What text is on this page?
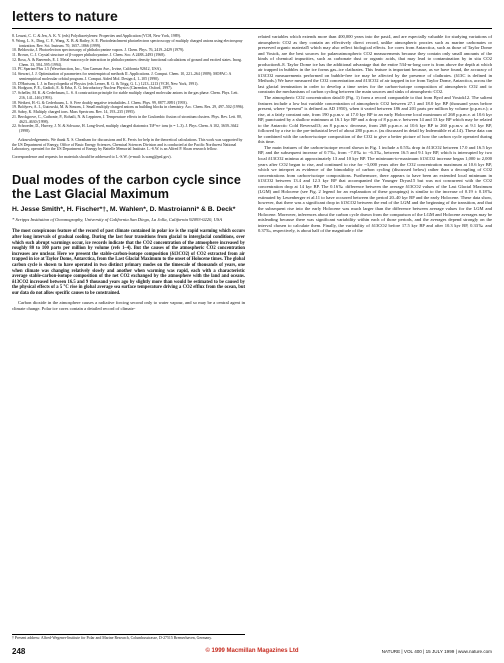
letters to nature
8. Leuzzi, C. C. & Jen, A. K. Y. (eds) Polydiacetylenes: Properties and Application (VCH, New York, 1989).
9. Wong, L. S., Ding, C. F., Wang, X. B. & Bailey, S. E. Photodetachment photoelectron spectroscopy of multiply charged anions using electrospray ionization. Rev. Sci. Instrum. 70, 1657–1866 (1999).
10. Beldowitz, J. Photoelectron spectroscopy of phthalocyanine vapors. J. Chem. Phys. 76, 2419–2429 (1979).
11. Brown, C. J. Crystal structure of β-copper phthalocyanine. J. Chem. Soc. A 2488–2493 (1968).
12. Rosa, A. & Baerends, E. J. Metal-macrocycle interaction in phthalocyanines: density functional calculations of ground and excited states. Inorg. Chem. 33, 584–595 (1994).
13. PC Spartan Plus 1.5 (Wavefunction, Inc., Van Carman Ave., Irvine, California 92612, USA).
14. Stewart, J. J. Optimization of parameters for semiempirical methods II. Applications. J. Comput. Chem. 10, 221–264 (1989); MOPAC: A semiempirical molecular orbital program. J. Comput. Aided Mol. Design 4, 1–105 (1990).
15. D'Hartsons, I. J. in Encyclopedia of Physics (eds Lerner, R. G. & Trigg, G. L.) 1213–1213 (VCH, New York, 1991).
16. Hodgson, P. E., Gadioli, E. & Erba, E. G. Introductory Nuclear Physics (Clarendon, Oxford, 1997).
17. Scheller, M. K. & Cederbaum, L. S. A construction principle for stable multiply charged molecular anions in the gas phase. Chem. Phys. Lett. 216, 141–146 (1993).
18. Weikert, H.-G. & Cederbaum, L. S. Free doubly negative tetrahalides. J. Chem. Phys. 99, 8877–8891 (1993).
19. Boldyrev, A. I., Gutowski, M. & Simons, J. Small multiply charged anions as building blocks in chemistry. Acc. Chem. Res. 29, 497–502 (1996).
20. Sabry, K. Multiply charged ions. Mass Spectrom. Rev. 14, 193–235 (1995).
21. Berckgrove, C., Cathonie, P., Rohaili, N. & Leppinen, J. Temperature effects in the Coulombic fission of strontium clusters. Phys. Rev. Lett. 80, 4623–4630 (1998).
22. Schroeder, D., Harvey, J. N. & Schwarz, H. Long-lived, multiply charged diatomics TiF^n+ ions (n = 1–3). J. Phys. Chem. A 102, 3639–3642 (1998).
Acknowledgements. We thank X. S. Cheatham for discussions and K. Ferris for help in the theoretical calculations. This work was supported by the US Department of Energy, Office of Basic Energy Sciences, Chemical Sciences Division and is conducted at the Pacific Northwest National Laboratory, operated for the US Department of Energy by Battelle Memorial Institute. L.-S.W. is an Alfred P. Sloan research fellow.
Correspondence and requests for materials should be addressed to L.-S.W. (e-mail: ls.wang@pnl.gov).
Dual modes of the carbon cycle since the Last Glacial Maximum
H. Jesse Smith*, H. Fischer*†, M. Wahlen*, D. Mastroianni* & B. Deck*
* Scripps Institution of Oceanography, University of California San Diego, La Jolla, California 92093-0220, USA
The most conspicuous feature of the record of past climate contained in polar ice is the rapid warming which occurs after long intervals of gradual cooling. During the last four transitions from glacial to interglacial conditions, over which such abrupt warmings occur, ice records indicate that the CO2 concentration of the atmosphere increased by roughly 80 to 100 parts per million by volume (refs 1–4). But the causes of the atmospheric CO2 concentration increases are unclear. Here we present the stable-carbon-isotope composition (δ13CO2) of CO2 extracted from air trapped in ice at Taylor Dome, Antarctica, from the Last Glacial Maximum to the onset of Holocene times. The global carbon cycle is shown to have operated in two distinct primary modes on the timescale of thousands of years, one when climate was changing relatively slowly and another when warming was rapid, each with a characteristic average stable-carbon-isotope composition of the net CO2 exchanged by the atmosphere with the land and oceans. δ13CO2 increased between 16.5 and 9 thousand years ago by slightly more than would be estimated to be caused by the physical effects of a 5 °C rise in global average sea surface temperature driving a CO2 efflux from the ocean, but our data do not allow specific causes to be constrained.
Carbon dioxide in the atmosphere causes a radiative forcing second only to water vapour, and so may be a central agent in climate change. Polar ice cores contain a detailed record of climate-
† Present address: Alfred-Wegener-Institute for Polar and Marine Research, Columbusstrasse, D-27515 Bremerhaven, Germany.

related variables which extends more than 400,000 years into the past4, and are especially valuable for studying variations of atmospheric CO2 as they contain an effectively direct record, unlike atmospheric proxies such as marine carbonates or preserved organic material5 which may also reflect biological effects. Ice cores from Antarctica, such as those of Taylor Dome and Vostok, are the best sources for palaeoatmospheric CO2 measurements because they contain only small amounts of the kinds of chemical impurities, such as carbonate dust or organic acids, that may lead to contamination by in situ CO2 production6–8. Taylor Dome ice has the additional advantage that the entire 534-m-long core is from above the depth at which air trapped in bubbles in the ice forms gas–ice clathrates. This feature is important because, as we have found, the accuracy of δ13CO2 measurements performed on bubble-free ice may be affected by the presence of clathrates. (δ13C is defined in Methods.) We have measured the CO2 concentration and δ13CO2 of air trapped in ice from Taylor Dome, Antarctica, across the last glacial termination in order to develop a time series for the carbon-isotope composition of atmospheric CO2 and to constrain the mechanisms of carbon cycling between the main sources and sinks of atmospheric CO2.

The atmospheric CO2 concentration data10 (Fig. 1) form a record comparable to that from Byrd and Vostok12. The salient features include a low but variable concentration of atmospheric CO2 between 27.1 and 18.0 kyr BP (thousand years before present, where “present” is defined as AD 1950), when it varied between 186 and 201 parts per million by volume (p.p.m.v.); a rise, at a fairly constant rate, from 190 p.p.m.v. at 17.0 kyr BP to an early Holocene local maximum of 268 p.p.m.v. at 10.6 kyr BP, punctuated by a shallow minimum at 16.1 kyr BP and a drop of 8 p.p.m.v. between 14 and 13 kyr BP which may be related to the Antarctic Cold Reversal13; an 8 p.p.m.v. decrease, from 268 p.p.m.v. at 10.6 kyr BP to 260 p.p.m.v. at 9.1 kyr BP, followed by a rise to the pre-industrial level of about 280 p.p.m.v. (as discussed in detail by Indermühle et al.14). These data can be combined with the carbon-isotope composition of the CO2 to give a better picture of how the carbon cycle operated during this time.

The main features of the carbon-isotope record shown in Fig. 1 include a 0.5‰ drop in δ13CO2 between 17.0 and 16.5 kyr BP, and the subsequent increase of 0.7‰, from −7.0‰ to −6.3‰, between 16.5 and 9.1 kyr BP, which is interrupted by two local δ13CO2 minima at approximately 13 and 10 kyr BP. The minimum-to-maximum δ13CO2 increase began 1,000 to 2,000 years after CO2 began to rise, and continued to rise for ~3,000 years after the CO2 concentration maximum at 10.6 kyr BP, which we interpret as evidence of the bimodality of carbon cycling (discussed below) rather than a decoupling of CO2 concentrations from carbon-isotope compositions. Furthermore, there appears to have been an extended local minimum in δ13CO2 between 13.4 and 12.3 kyr BP that accompanied the Younger Dryas15 but was not concurrent with the CO2 concentration drop at 14 kyr BP. The 0.16‰ difference between the average δ13CO2 values of the Last Glacial Maximum (LGM) and Holocene (see Fig. 2 legend for an explanation of these groupings) is similar to the increase of 0.19 ± 0.18‰ estimated by Leuenberger et al.11 to have occurred between the period 20–40 kyr BP and the early Holocene. These data show, however, that there was a significant drop in δ13CO2 between the end of the LGM and the beginning of the transition, and that the subsequent rise into the early Holocene was much larger than the difference between average values for the LGM and Holocene. Moreover, inferences about the carbon cycle drawn from the comparison of the LGM and Holocene averages may be misleading because there was significant variability within each of those periods, and the averages depend strongly on the interval chosen to calculate them. Finally, the variability of δ13CO2 before 17.5 kyr BP and after 10.3 kyr BP, 0.33‰ and 0.37‰, respectively, is about half of the magnitude of the

248	© 1999 Macmillan Magazines Ltd	NATURE | VOL 400 | 15 JULY 1999 | www.nature.com
